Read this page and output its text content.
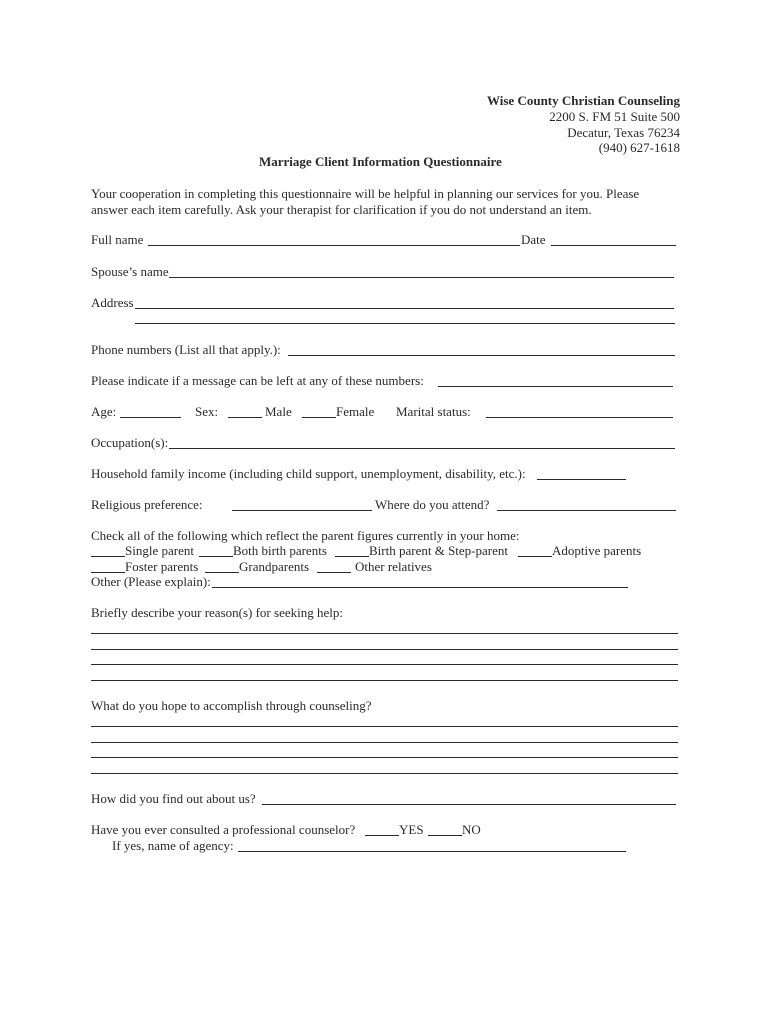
Wise County Christian Counseling
2200 S. FM 51 Suite 500
Decatur, Texas 76234
(940) 627-1618
Marriage Client Information Questionnaire
Your cooperation in completing this questionnaire will be helpful in planning our services for you. Please
answer each item carefully. Ask your therapist for clarification if you do not understand an item.
Full name	Date
Spouse’s name
Address
Phone numbers (List all that apply.):
Please indicate if a message can be left at any of these numbers:
Age:	Sex:	Male	Female Marital status:
Occupation(s):
Household family income (including child support, unemployment, disability, etc.):
Religious preference:	Where do you attend?
Check all of the following which reflect the parent figures currently in your home:
Single parent	Both birth parents	Birth parent & Step-parent	Adoptive parents
Foster parents	Grandparents	Other relatives
Other (Please explain):
Briefly describe your reason(s) for seeking help:
What do you hope to accomplish through counseling?
How did you find out about us?
Have you ever consulted a professional counselor?	YES	NO
If yes, name of agency:
